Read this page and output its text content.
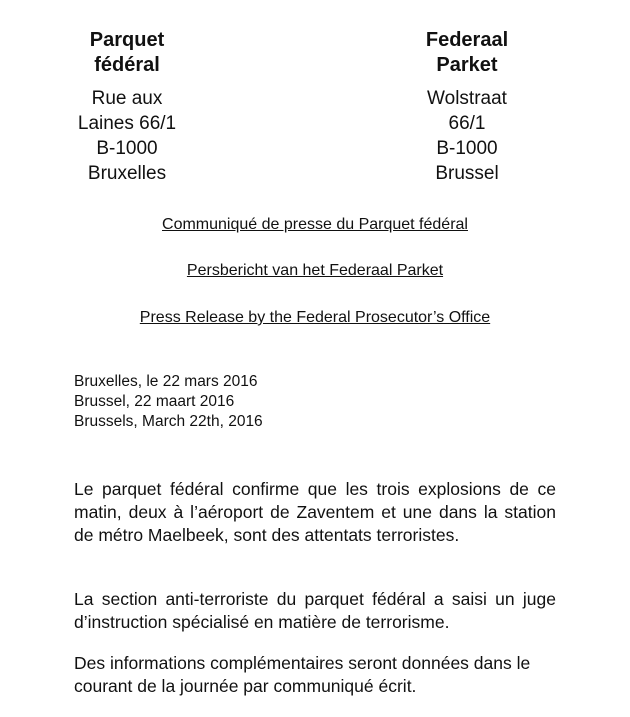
Parquet
fédéral
Rue aux
Laines 66/1
B-1000
Bruxelles
Federaal
Parket
Wolstraat
66/1
B-1000
Brussel
Communiqué de presse du Parquet fédéral
Persbericht van het Federaal Parket
Press Release by the Federal Prosecutor’s Office
Bruxelles, le 22 mars 2016
Brussel, 22 maart 2016
Brussels, March 22th, 2016
Le parquet fédéral confirme que les trois explosions de ce matin, deux à l’aéroport de Zaventem et une dans la station de métro Maelbeek, sont des attentats terroristes.
La section anti-terroriste du parquet fédéral a saisi un juge d’instruction spécialisé en matière de terrorisme.
Des informations complémentaires seront données dans le courant de la journée par communiqué écrit.
